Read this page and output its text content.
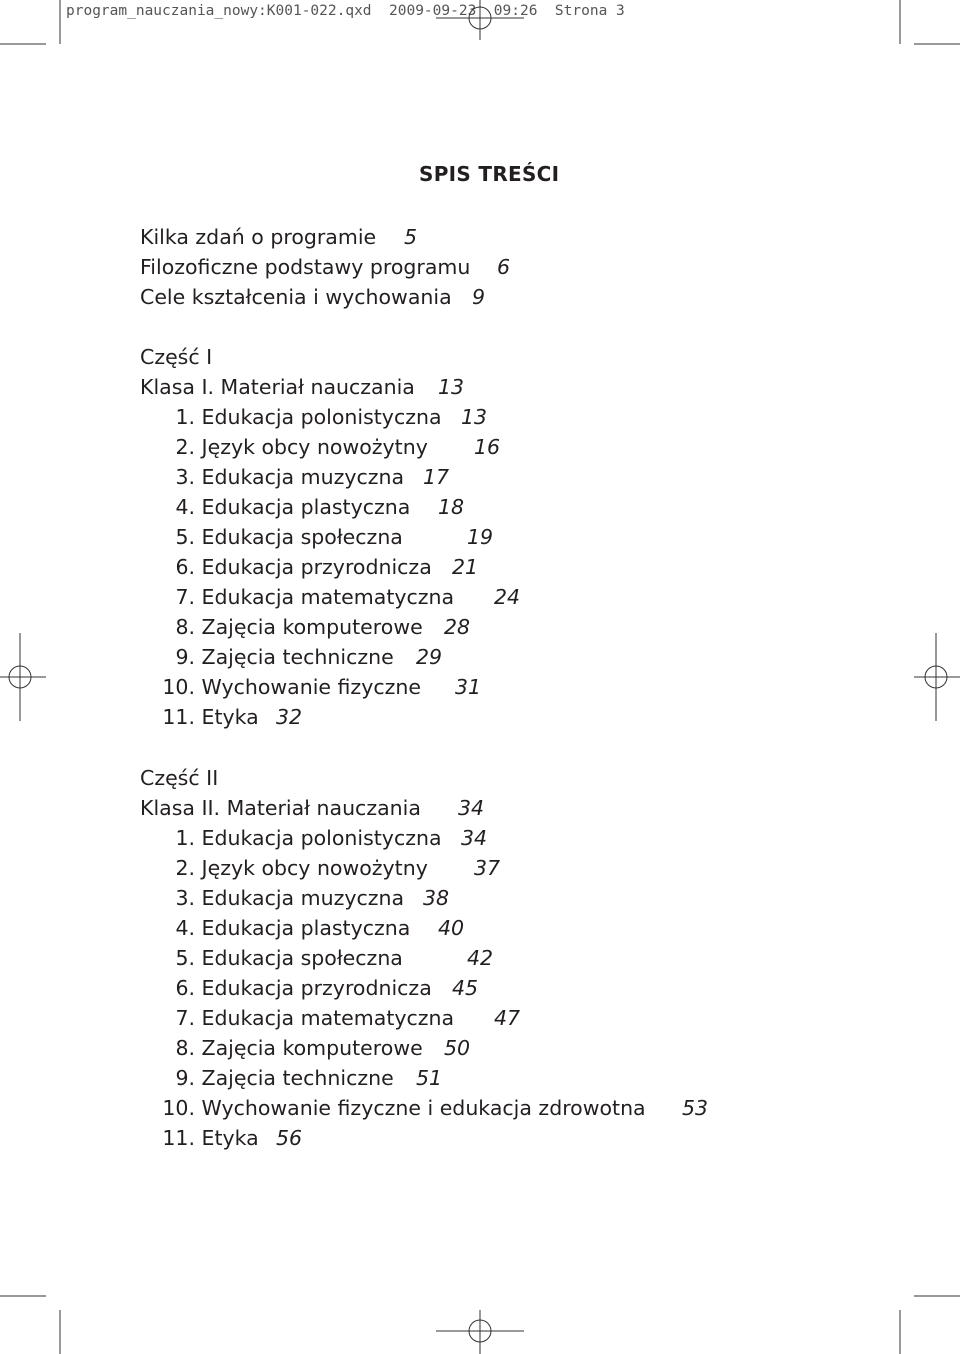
program_nauczania_nowy:K001-022.qxd 2009-09-23 09:26 Strona 3
SPIS TREŚCI
Kilka zdań o programie 5
Filozoficzne podstawy programu 6
Cele kształcenia i wychowania 9
Część I
Klasa I. Materiał nauczania 13
1. Edukacja polonistyczna 13
2. Język obcy nowożytny 16
3. Edukacja muzyczna 17
4. Edukacja plastyczna 18
5. Edukacja społeczna	19
6. Edukacja przyrodnicza 21
7. Edukacja matematyczna 24
8. Zajęcia komputerowe 28
9. Zajęcia techniczne 29
10. Wychowanie fizyczne 31
11. Etyka 32
Część II
Klasa II. Materiał nauczania 34
1. Edukacja polonistyczna 34
2. Język obcy nowożytny 37
3. Edukacja muzyczna 38
4. Edukacja plastyczna 40
5. Edukacja społeczna	42
6. Edukacja przyrodnicza 45
7. Edukacja matematyczna 47
8. Zajęcia komputerowe 50
9. Zajęcia techniczne 51
10. Wychowanie fizyczne i edukacja zdrowotna 53
11. Etyka 56
